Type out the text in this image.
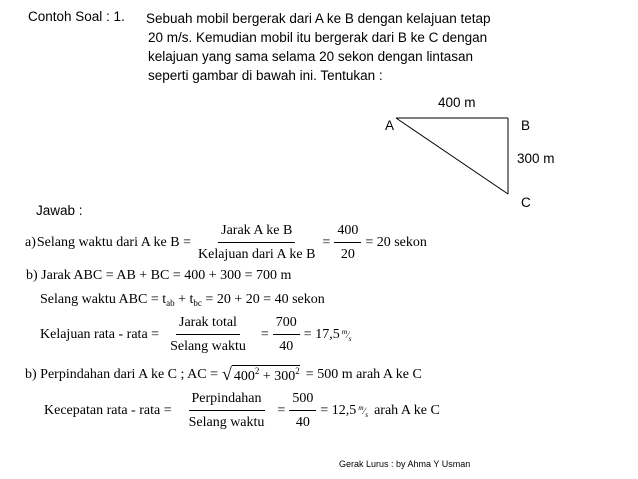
Contoh Soal : 1. Sebuah mobil bergerak dari A ke B dengan kelajuan tetap
20 m/s. Kemudian mobil itu bergerak dari B ke C dengan
kelajuan yang sama selama 20 sekon dengan lintasan
seperti gambar di bawah ini. Tentukan :
400 m
A	B
300 m
C
Jawab :
a) Selang waktu dari A ke $B = \frac{\text{Jarak A ke B}}{\text{Kelajuan dari A ke B}} = \frac{400}{20} = 20$ sekon
b) Jarak ABC = AB + BC = 400 + 300 = 700 m
Selang waktu ABC = $t_{ab} + t_{bc} = 20 + 20 = 40$ sekon
Kelajuan rata - rata = $\frac{\text{Jarak total}}{\text{Selang waktu}} = \frac{700}{40} = 17,5$ $^m⁄_s$
b) Perpindahan dari A ke C ; AC = √ $400^2 + 300^2 = 500$ m arah A ke C
Kecepatan rata - rata = $\frac{\text{Perpindahan}}{\text{Selang waktu}} = \frac{500}{40} = 12,5$ $^m⁄_s$ arah A ke C
Gerak Lurus : by Ahma Y Usman
